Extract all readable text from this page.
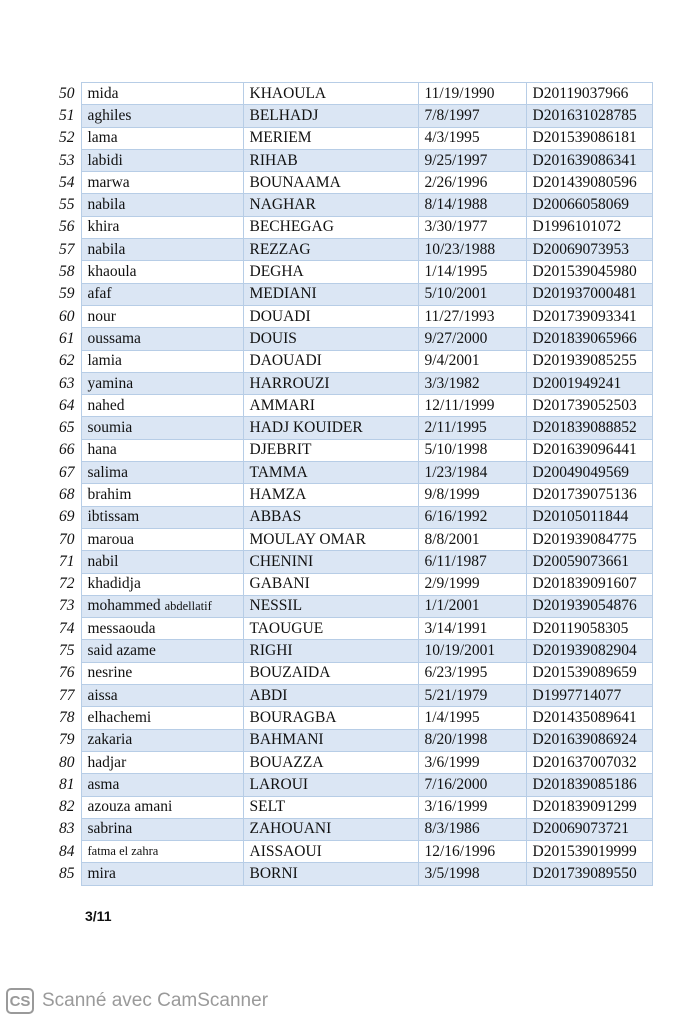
50	mida	KHAOULA	11/19/1990	D20119037966
51	aghiles	BELHADJ	7/8/1997	D201631028785
52	lama	MERIEM	4/3/1995	D201539086181
53	labidi	RIHAB	9/25/1997	D201639086341
54	marwa	BOUNAAMA	2/26/1996	D201439080596
55	nabila	NAGHAR	8/14/1988	D20066058069
56	khira	BECHEGAG	3/30/1977	D1996101072
57	nabila	REZZAG	10/23/1988	D20069073953
58	khaoula	DEGHA	1/14/1995	D201539045980
59	afaf	MEDIANI	5/10/2001	D201937000481
60	nour	DOUADI	11/27/1993	D201739093341
61	oussama	DOUIS	9/27/2000	D201839065966
62	lamia	DAOUADI	9/4/2001	D201939085255
63	yamina	HARROUZI	3/3/1982	D2001949241
64	nahed	AMMARI	12/11/1999	D201739052503
65	soumia	HADJ KOUIDER	2/11/1995	D201839088852
66	hana	DJEBRIT	5/10/1998	D201639096441
67	salima	TAMMA	1/23/1984	D20049049569
68	brahim	HAMZA	9/8/1999	D201739075136
69	ibtissam	ABBAS	6/16/1992	D20105011844
70	maroua	MOULAY OMAR	8/8/2001	D201939084775
71	nabil	CHENINI	6/11/1987	D20059073661
72	khadidja	GABANI	2/9/1999	D201839091607
73	mohammed abdellatif	NESSIL	1/1/2001	D201939054876
74	messaouda	TAOUGUE	3/14/1991	D20119058305
75	said azame	RIGHI	10/19/2001	D201939082904
76	nesrine	BOUZAIDA	6/23/1995	D201539089659
77	aissa	ABDI	5/21/1979	D1997714077
78	elhachemi	BOURAGBA	1/4/1995	D201435089641
79	zakaria	BAHMANI	8/20/1998	D201639086924
80	hadjar	BOUAZZA	3/6/1999	D201637007032
81	asma	LAROUI	7/16/2000	D201839085186
82	azouza amani	SELT	3/16/1999	D201839091299
83	sabrina	ZAHOUANI	8/3/1986	D20069073721
84	fatma el zahra	AISSAOUI	12/16/1996	D201539019999
85	mira	BORNI	3/5/1998	D201739089550
3/11
CS Scanné avec CamScanner
